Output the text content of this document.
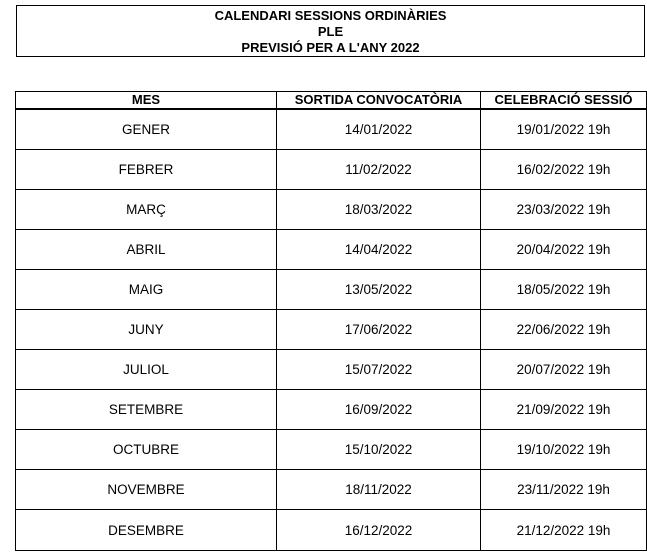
CALENDARI SESSIONS ORDINÀRIES

PLE

PREVISIÓ PER A L'ANY 2022

MES	SORTIDA CONVOCATÒRIA	CELEBRACIÓ SESSIÓ
GENER	14/01/2022	19/01/2022 19h
FEBRER	11/02/2022	16/02/2022 19h
MARÇ	18/03/2022	23/03/2022 19h
ABRIL	14/04/2022	20/04/2022 19h
MAIG	13/05/2022	18/05/2022 19h
JUNY	17/06/2022	22/06/2022 19h
JULIOL	15/07/2022	20/07/2022 19h
SETEMBRE	16/09/2022	21/09/2022 19h
OCTUBRE	15/10/2022	19/10/2022 19h
NOVEMBRE	18/11/2022	23/11/2022 19h
DESEMBRE	16/12/2022	21/12/2022 19h
